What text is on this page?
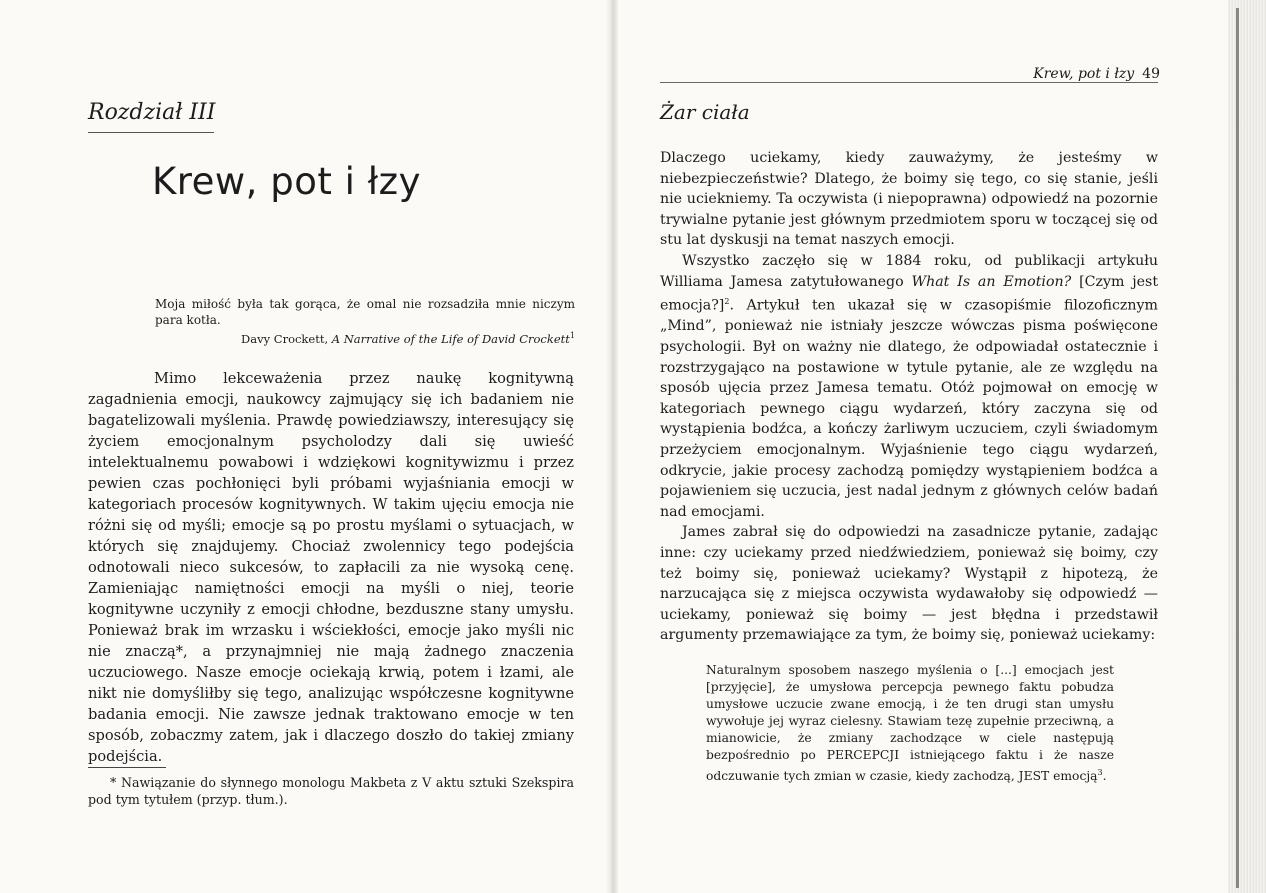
Rozdział III
Krew, pot i łzy
Moja miłość była tak gorąca, że omal nie rozsadziła mnie niczym para kotła.
Davy Crockett, A Narrative of the Life of David Crockett$^1$

Mimo lekceważenia przez naukę kognitywną zagadnienia emocji, naukowcy zajmujący się ich badaniem nie bagatelizowali myślenia. Prawdę powiedziawszy, interesujący się życiem emocjonalnym psycholodzy dali się uwieść intelektualnemu powabowi i wdziękowi kognitywizmu i przez pewien czas pochłonięci byli próbami wyjaśniania emocji w kategoriach procesów kognitywnych. W takim ujęciu emocja nie różni się od myśli; emocje są po prostu myślami o sytuacjach, w których się znajdujemy. Chociaż zwolennicy tego podejścia odnotowali nieco sukcesów, to zapłacili za nie wysoką cenę. Zamieniając namiętności emocji na myśli o niej, teorie kognitywne uczyniły z emocji chłodne, bezduszne stany umysłu. Ponieważ brak im wrzasku i wściekłości, emocje jako myśli nic nie znaczą*, a przynajmniej nie mają żadnego znaczenia uczuciowego. Nasze emocje ociekają krwią, potem i łzami, ale nikt nie domyśliłby się tego, analizując współczesne kognitywne badania emocji. Nie zawsze jednak traktowano emocje w ten sposób, zobaczmy zatem, jak i dlaczego doszło do takiej zmiany podejścia.

* Nawiązanie do słynnego monologu Makbeta z V aktu sztuki Szekspira pod tym tytułem (przyp. tłum.).
Krew, pot i łzy 49
Żar ciała

Dlaczego uciekamy, kiedy zauważymy, że jesteśmy w niebezpieczeństwie? Dlatego, że boimy się tego, co się stanie, jeśli nie uciekniemy. Ta oczywista (i niepoprawna) odpowiedź na pozornie trywialne pytanie jest głównym przedmiotem sporu w toczącej się od stu lat dyskusji na temat naszych emocji.

Wszystko zaczęło się w 1884 roku, od publikacji artykułu Williama Jamesa zatytułowanego What Is an Emotion? [Czym jest emocja?]$^2$. Artykuł ten ukazał się w czasopiśmie filozoficznym „Mind”, ponieważ nie istniały jeszcze wówczas pisma poświęcone psychologii. Był on ważny nie dlatego, że odpowiadał ostatecznie i rozstrzygająco na postawione w tytule pytanie, ale ze względu na sposób ujęcia przez Jamesa tematu. Otóż pojmował on emocję w kategoriach pewnego ciągu wydarzeń, który zaczyna się od wystąpienia bodźca, a kończy żarliwym uczuciem, czyli świadomym przeżyciem emocjonalnym. Wyjaśnienie tego ciągu wydarzeń, odkrycie, jakie procesy zachodzą pomiędzy wystąpieniem bodźca a pojawieniem się uczucia, jest nadal jednym z głównych celów badań nad emocjami.

James zabrał się do odpowiedzi na zasadnicze pytanie, zadając inne: czy uciekamy przed niedźwiedziem, ponieważ się boimy, czy też boimy się, ponieważ uciekamy? Wystąpił z hipotezą, że narzucająca się z miejsca oczywista wydawałoby się odpowiedź — uciekamy, ponieważ się boimy — jest błędna i przedstawił argumenty przemawiające za tym, że boimy się, ponieważ uciekamy:

Naturalnym sposobem naszego myślenia o [...] emocjach jest [przyjęcie], że umysłowa percepcja pewnego faktu pobudza umysłowe uczucie zwane emocją, i że ten drugi stan umysłu wywołuje jej wyraz cielesny. Stawiam tezę zupełnie przeciwną, a mianowicie, że zmiany zachodzące w ciele następują bezpośrednio po PERCEPCJI istniejącego faktu i że nasze odczuwanie tych zmian w czasie, kiedy zachodzą, JEST emocją$^3$.
